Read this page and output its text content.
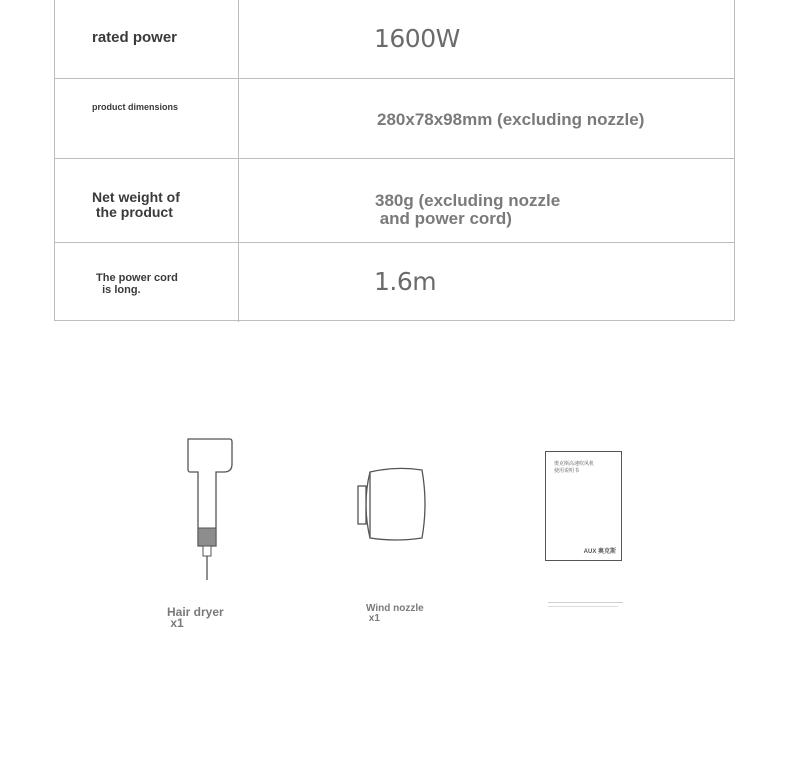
rated power	1600W
product dimensions
280x78x98mm (excluding nozzle)
Net weight of
the product
380g (excluding nozzle
and power cord)
The power cord
is long.	1.6m
Hair dryer
x1
Wind nozzle
x1
奥克斯高速吹风机
使用说明书
AUX 奥克斯
